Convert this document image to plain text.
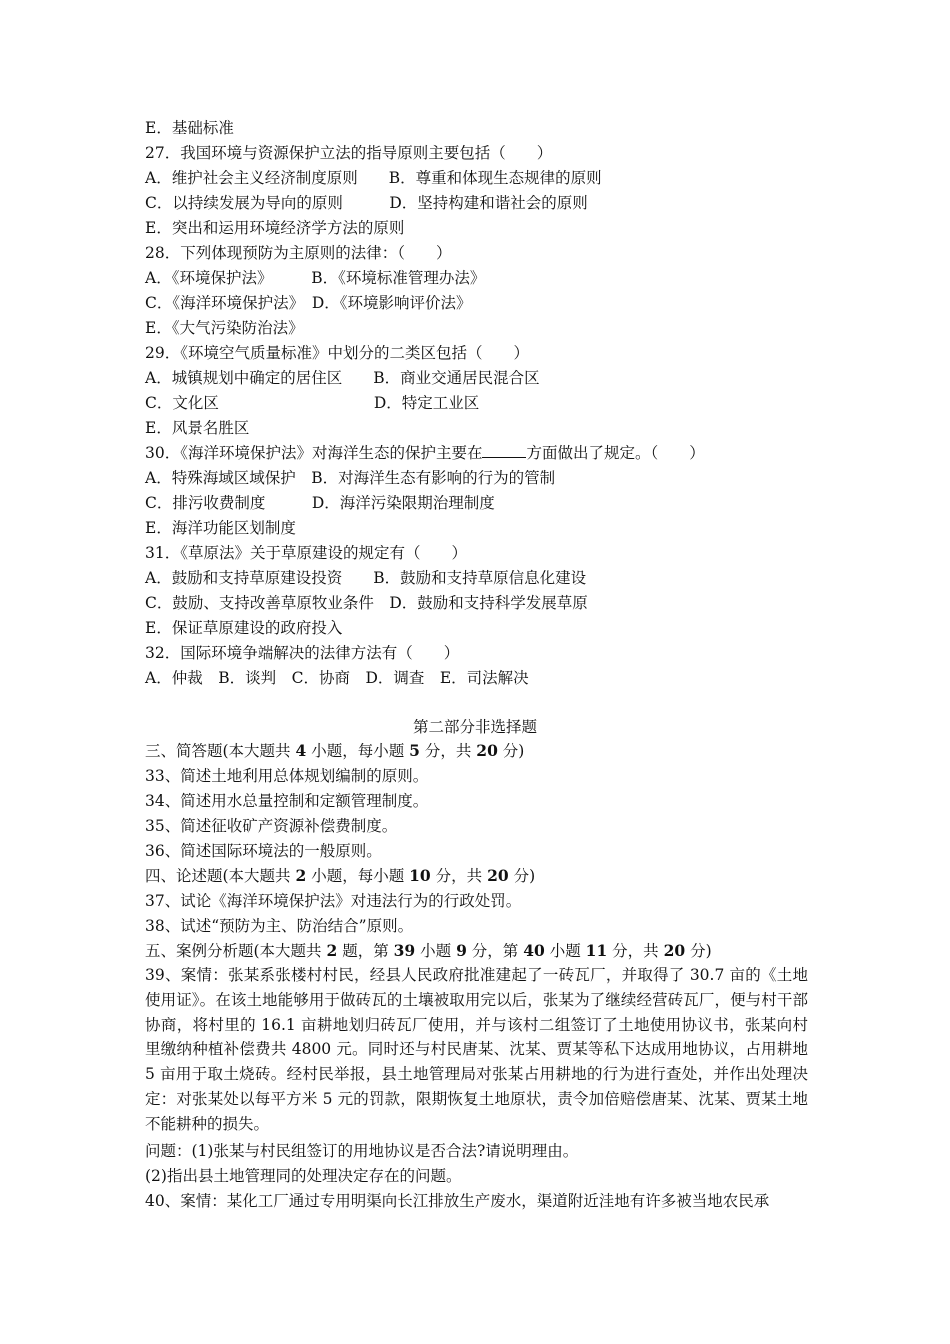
E．基础标准
27．我国环境与资源保护立法的指导原则主要包括（　　）
A．维护社会主义经济制度原则　　B．尊重和体现生态规律的原则
C．以持续发展为导向的原则　　　D．坚持构建和谐社会的原则
E．突出和运用环境经济学方法的原则
28．下列体现预防为主原则的法律：（　　）
A．《环境保护法》　　　B．《环境标准管理办法》
C．《海洋环境保护法》　D．《环境影响评价法》
E．《大气污染防治法》
29．《环境空气质量标准》中划分的二类区包括（　　）
A．城镇规划中确定的居住区　　B．商业交通居民混合区
C．文化区　　　　　　　　　　D．特定工业区
E．风景名胜区
30．《海洋环境保护法》对海洋生态的保护主要在	方面做出了规定。（　　）
A．特殊海域区域保护　B．对海洋生态有影响的行为的管制
C．排污收费制度　　　D．海洋污染限期治理制度
E．海洋功能区划制度
31．《草原法》关于草原建设的规定有（　　）
A．鼓励和支持草原建设投资　　B．鼓励和支持草原信息化建设
C．鼓励、支持改善草原牧业条件　D．鼓励和支持科学发展草原
E．保证草原建设的政府投入
32．国际环境争端解决的法律方法有（　　）
A．仲裁　B．谈判　C．协商　D．调查　E．司法解决
第二部分非选择题
三、简答题(本大题共 4 小题，每小题 5 分，共 20 分)
33、简述土地利用总体规划编制的原则。
34、简述用水总量控制和定额管理制度。
35、简述征收矿产资源补偿费制度。
36、简述国际环境法的一般原则。
四、论述题(本大题共 2 小题，每小题 10 分，共 20 分)
37、试论《海洋环境保护法》对违法行为的行政处罚。
38、试述“预防为主、防治结合”原则。
五、案例分析题(本大题共 2 题，第 39 小题 9 分，第 40 小题 11 分，共 20 分)
39、案情：张某系张楼村村民，经县人民政府批准建起了一砖瓦厂，并取得了 30.7 亩的《土地使用证》。在该土地能够用于做砖瓦的土壤被取用完以后，张某为了继续经营砖瓦厂，便与村干部协商，将村里的 16.1 亩耕地划归砖瓦厂使用，并与该村二组签订了土地使用协议书，张某向村里缴纳种植补偿费共 4800 元。同时还与村民唐某、沈某、贾某等私下达成用地协议，占用耕地 5 亩用于取土烧砖。经村民举报，县土地管理局对张某占用耕地的行为进行查处，并作出处理决定：对张某处以每平方米 5 元的罚款，限期恢复土地原状，责令加倍赔偿唐某、沈某、贾某土地不能耕种的损失。
问题：(1)张某与村民组签订的用地协议是否合法?请说明理由。
(2)指出县土地管理同的处理决定存在的问题。
40、案情：某化工厂通过专用明渠向长江排放生产废水，渠道附近洼地有许多被当地农民承
